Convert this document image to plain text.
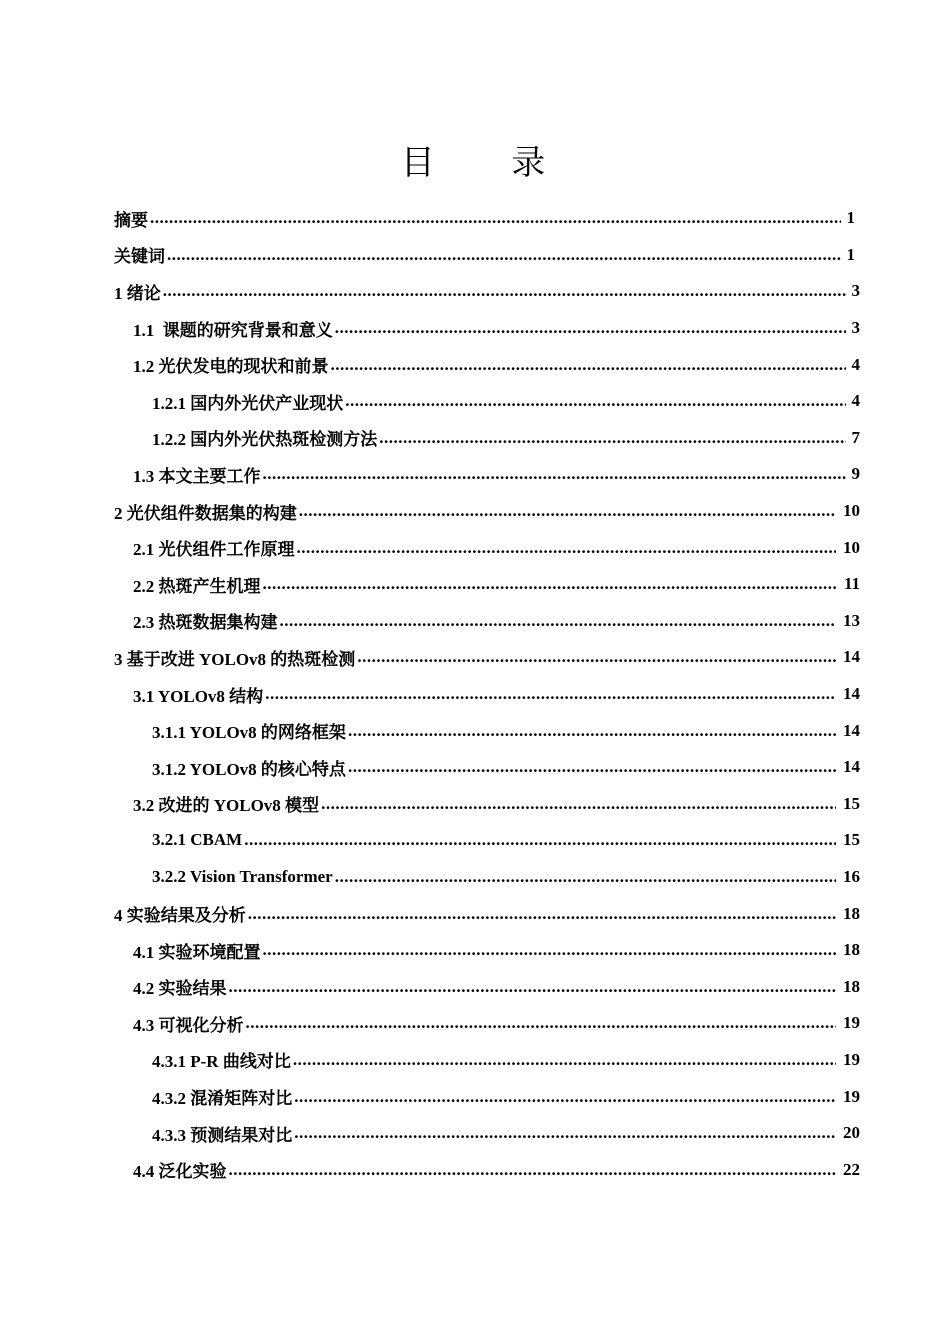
目 录
摘要 .....	1
关键词 .....	1
1 绪论 .....	3
1.1  课题的研究背景和意义 .....	3
1.2 光伏发电的现状和前景 .....	4
1.2.1 国内外光伏产业现状 .....	4
1.2.2 国内外光伏热斑检测方法 .....	7
1.3 本文主要工作 .....	9
2 光伏组件数据集的构建 .....	10
2.1 光伏组件工作原理 .....	10
2.2 热斑产生机理 .....	11
2.3 热斑数据集构建 .....	13
3 基于改进 YOLOv8 的热斑检测 .....	14
3.1 YOLOv8 结构 .....	14
3.1.1 YOLOv8 的网络框架 .....	14
3.1.2 YOLOv8 的核心特点 .....	14
3.2 改进的 YOLOv8 模型 .....	15
3.2.1 CBAM .....	15
3.2.2 Vision Transformer .....	16
4 实验结果及分析 .....	18
4.1 实验环境配置 .....	18
4.2 实验结果 .....	18
4.3 可视化分析 .....	19
4.3.1 P-R 曲线对比 .....	19
4.3.2 混淆矩阵对比 .....	19
4.3.3 预测结果对比 .....	20
4.4 泛化实验 .....	22
